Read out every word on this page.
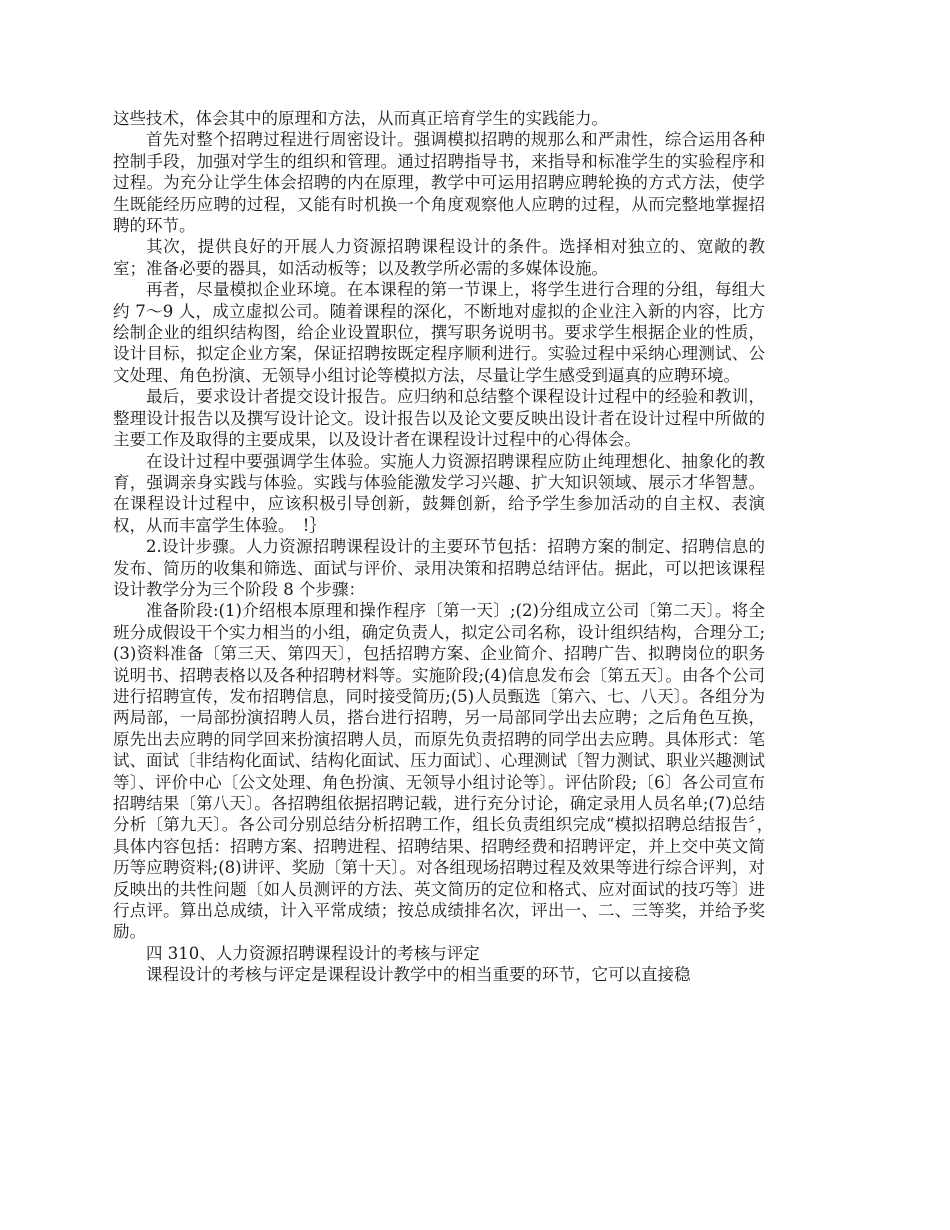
这些技术，体会其中的原理和方法，从而真正培育学生的实践能力。

首先对整个招聘过程进行周密设计。强调模拟招聘的规那么和严肃性，综合运用各种控制手段，加强对学生的组织和管理。通过招聘指导书，来指导和标准学生的实验程序和过程。为充分让学生体会招聘的内在原理，教学中可运用招聘应聘轮换的方式方法，使学生既能经历应聘的过程，又能有时机换一个角度观察他人应聘的过程，从而完整地掌握招聘的环节。

其次，提供良好的开展人力资源招聘课程设计的条件。选择相对独立的、宽敞的教室；准备必要的器具，如活动板等；以及教学所必需的多媒体设施。

再者，尽量模拟企业环境。在本课程的第一节课上，将学生进行合理的分组，每组大约 7～9 人，成立虚拟公司。随着课程的深化，不断地对虚拟的企业注入新的内容，比方绘制企业的组织结构图，给企业设置职位，撰写职务说明书。要求学生根据企业的性质，设计目标，拟定企业方案，保证招聘按既定程序顺利进行。实验过程中采纳心理测试、公文处理、角色扮演、无领导小组讨论等模拟方法，尽量让学生感受到逼真的应聘环境。

最后，要求设计者提交设计报告。应归纳和总结整个课程设计过程中的经验和教训，整理设计报告以及撰写设计论文。设计报告以及论文要反映出设计者在设计过程中所做的主要工作及取得的主要成果，以及设计者在课程设计过程中的心得体会。

在设计过程中要强调学生体验。实施人力资源招聘课程应防止纯理想化、抽象化的教育，强调亲身实践与体验。实践与体验能激发学习兴趣、扩大知识领域、展示才华智慧。在课程设计过程中，应该积极引导创新，鼓舞创新，给予学生参加活动的自主权、表演权，从而丰富学生体验。　!｝

2.设计步骤。人力资源招聘课程设计的主要环节包括：招聘方案的制定、招聘信息的发布、简历的收集和筛选、面试与评价、录用决策和招聘总结评估。据此，可以把该课程设计教学分为三个阶段 8 个步骤：

准备阶段:(1)介绍根本原理和操作程序〔第一天〕;(2)分组成立公司〔第二天〕。将全班分成假设干个实力相当的小组，确定负责人，拟定公司名称，设计组织结构，合理分工;(3)资料准备〔第三天、第四天〕，包括招聘方案、企业简介、招聘广告、拟聘岗位的职务说明书、招聘表格以及各种招聘材料等。实施阶段;(4)信息发布会〔第五天〕。由各个公司进行招聘宣传，发布招聘信息，同时接受简历;(5)人员甄选〔第六、七、八天〕。各组分为两局部，一局部扮演招聘人员，搭台进行招聘，另一局部同学出去应聘；之后角色互换，原先出去应聘的同学回来扮演招聘人员，而原先负责招聘的同学出去应聘。具体形式：笔试、面试〔非结构化面试、结构化面试、压力面试〕、心理测试〔智力测试、职业兴趣测试等〕、评价中心〔公文处理、角色扮演、无领导小组讨论等〕。评估阶段;〔6〕各公司宣布招聘结果〔第八天〕。各招聘组依据招聘记载，进行充分讨论，确定录用人员名单;(7)总结分析〔第九天〕。各公司分别总结分析招聘工作，组长负责组织完成“模拟招聘总结报告〞，　具体内容包括：招聘方案、招聘进程、招聘结果、招聘经费和招聘评定，并上交中英文简历等应聘资料;(8)讲评、奖励〔第十天〕。对各组现场招聘过程及效果等进行综合评判，对反映出的共性问题〔如人员测评的方法、英文简历的定位和格式、应对面试的技巧等〕进行点评。算出总成绩，计入平常成绩；按总成绩排名次，评出一、二、三等奖，并给予奖励。

四 310、人力资源招聘课程设计的考核与评定

课程设计的考核与评定是课程设计教学中的相当重要的环节，它可以直接稳
